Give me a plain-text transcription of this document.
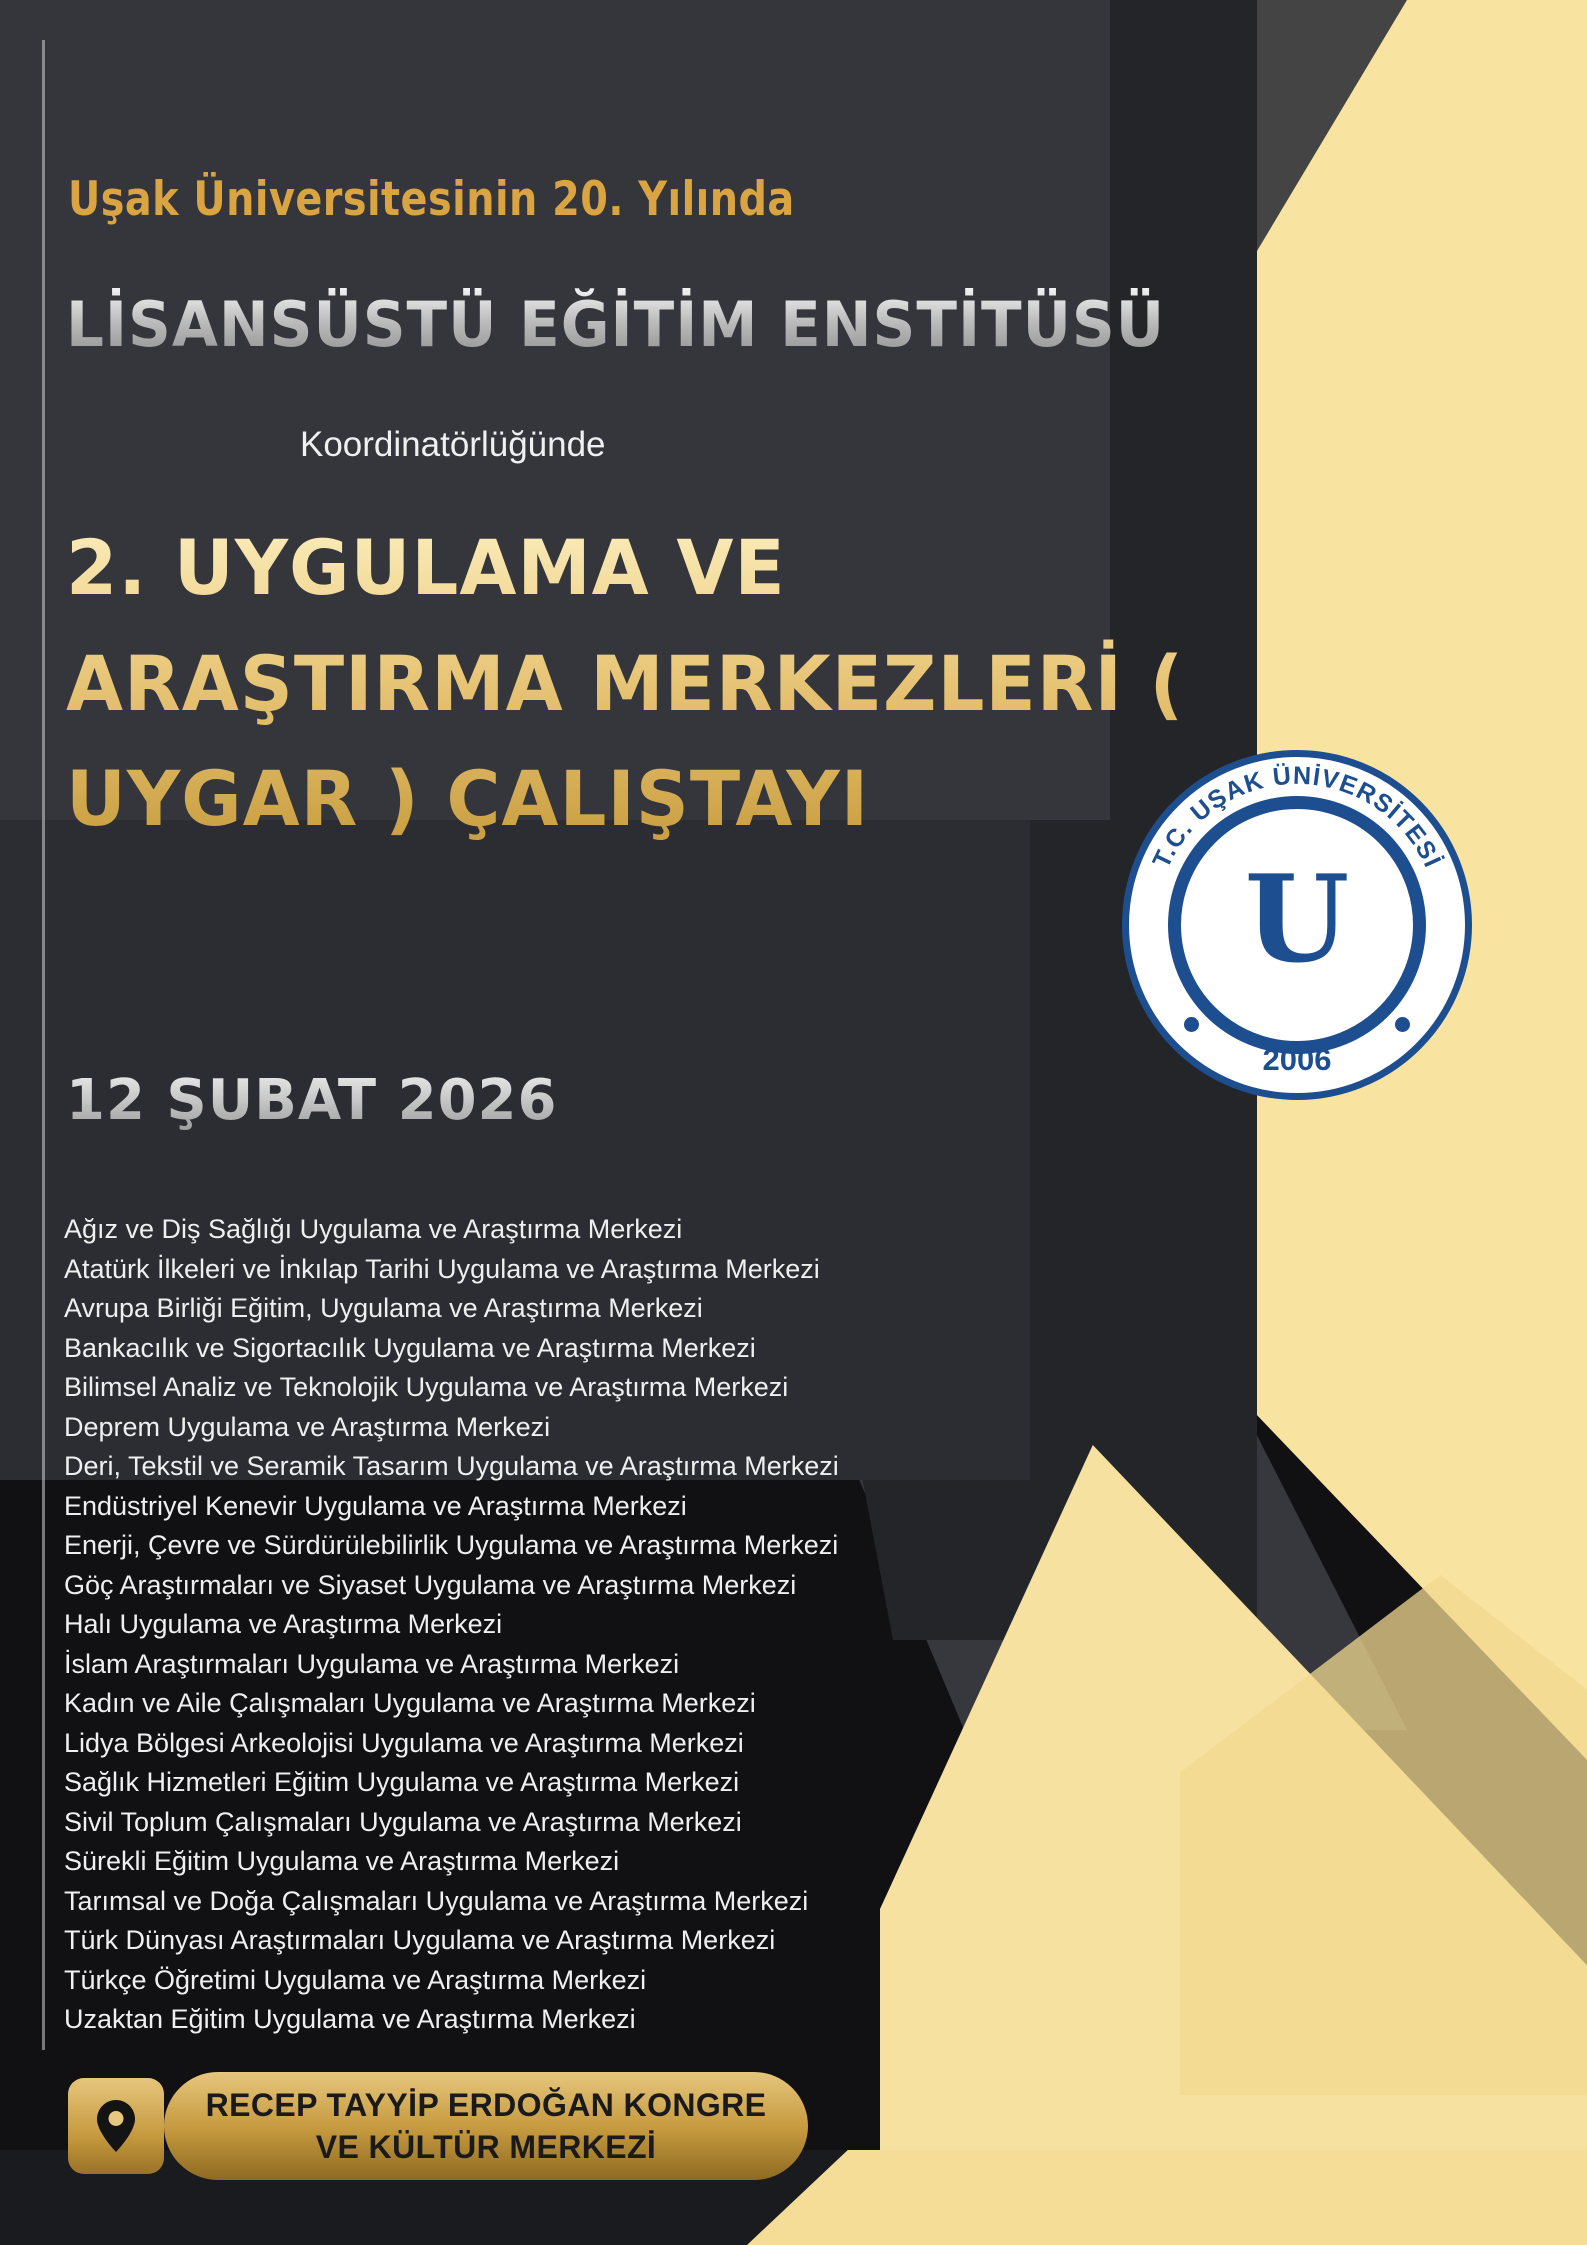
Uşak Üniversitesinin 20. Yılında
LİSANSÜSTÜ EĞİTİM ENSTİTÜSÜ
Koordinatörlüğünde
2. UYGULAMA VE ARAŞTIRMA MERKEZLERİ ( UYGAR ) ÇALIŞTAYI
12 ŞUBAT 2026
Ağız ve Diş Sağlığı Uygulama ve Araştırma Merkezi
Atatürk İlkeleri ve İnkılap Tarihi Uygulama ve Araştırma Merkezi
Avrupa Birliği Eğitim, Uygulama ve Araştırma Merkezi
Bankacılık ve Sigortacılık Uygulama ve Araştırma Merkezi
Bilimsel Analiz ve Teknolojik Uygulama ve Araştırma Merkezi
Deprem Uygulama ve Araştırma Merkezi
Deri, Tekstil ve Seramik Tasarım Uygulama ve Araştırma Merkezi
Endüstriyel Kenevir Uygulama ve Araştırma Merkezi
Enerji, Çevre ve Sürdürülebilirlik Uygulama ve Araştırma Merkezi
Göç Araştırmaları ve Siyaset Uygulama ve Araştırma Merkezi
Halı Uygulama ve Araştırma Merkezi
İslam Araştırmaları Uygulama ve Araştırma Merkezi
Kadın ve Aile Çalışmaları Uygulama ve Araştırma Merkezi
Lidya Bölgesi Arkeolojisi Uygulama ve Araştırma Merkezi
Sağlık Hizmetleri Eğitim Uygulama ve Araştırma Merkezi
Sivil Toplum Çalışmaları Uygulama ve Araştırma Merkezi
Sürekli Eğitim Uygulama ve Araştırma Merkezi
Tarımsal ve Doğa Çalışmaları Uygulama ve Araştırma Merkezi
Türk Dünyası Araştırmaları Uygulama ve Araştırma Merkezi
Türkçe Öğretimi Uygulama ve Araştırma Merkezi
Uzaktan Eğitim Uygulama ve Araştırma Merkezi
T.C. UŞAK ÜNİVERSİTESİ
U
2006
RECEP TAYYİP ERDOĞAN KONGRE
VE KÜLTÜR MERKEZİ
